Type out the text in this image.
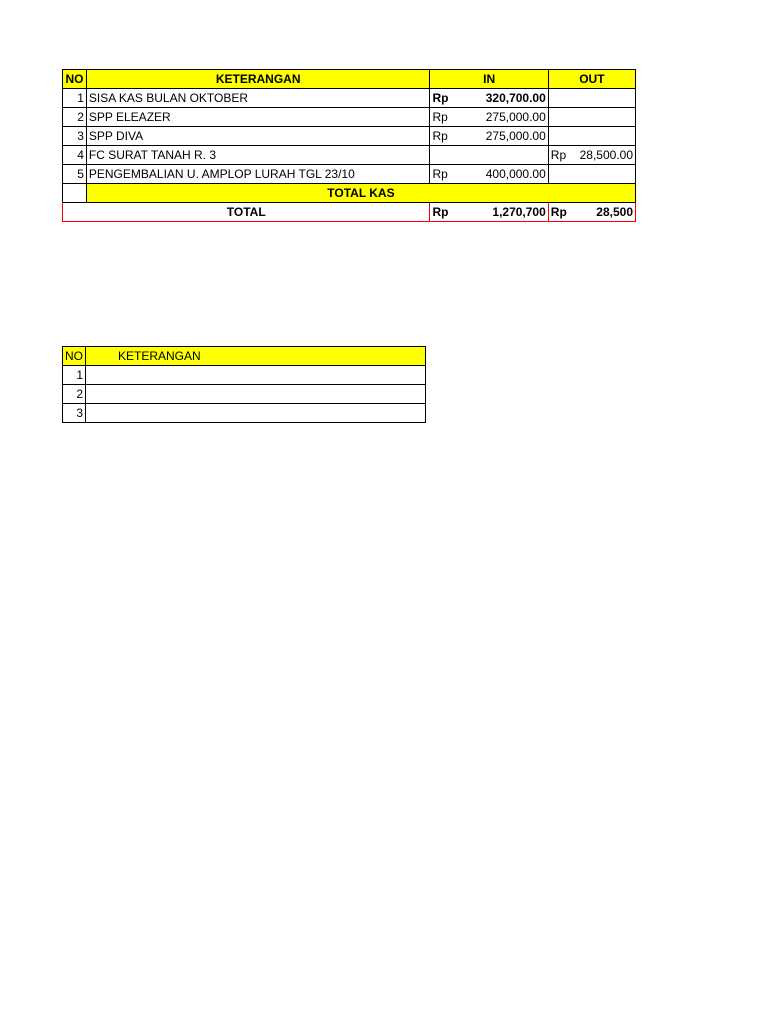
NO	KETERANGAN	IN	OUT
1	SISA KAS BULAN OKTOBER	Rp 320,700.00	

2	SPP ELEAZER	Rp 275,000.00	

3	SPP DIVA	Rp 275,000.00	

4	FC SURAT TANAH R. 3		Rp 28,500.00

5	PENGEMBALIAN U. AMPLOP LURAH TGL 23/10	Rp 400,000.00	

	TOTAL KAS		
TOTAL		Rp 1,270,700	Rp 28,500
NO	KETERANGAN
1	
2	
3	
